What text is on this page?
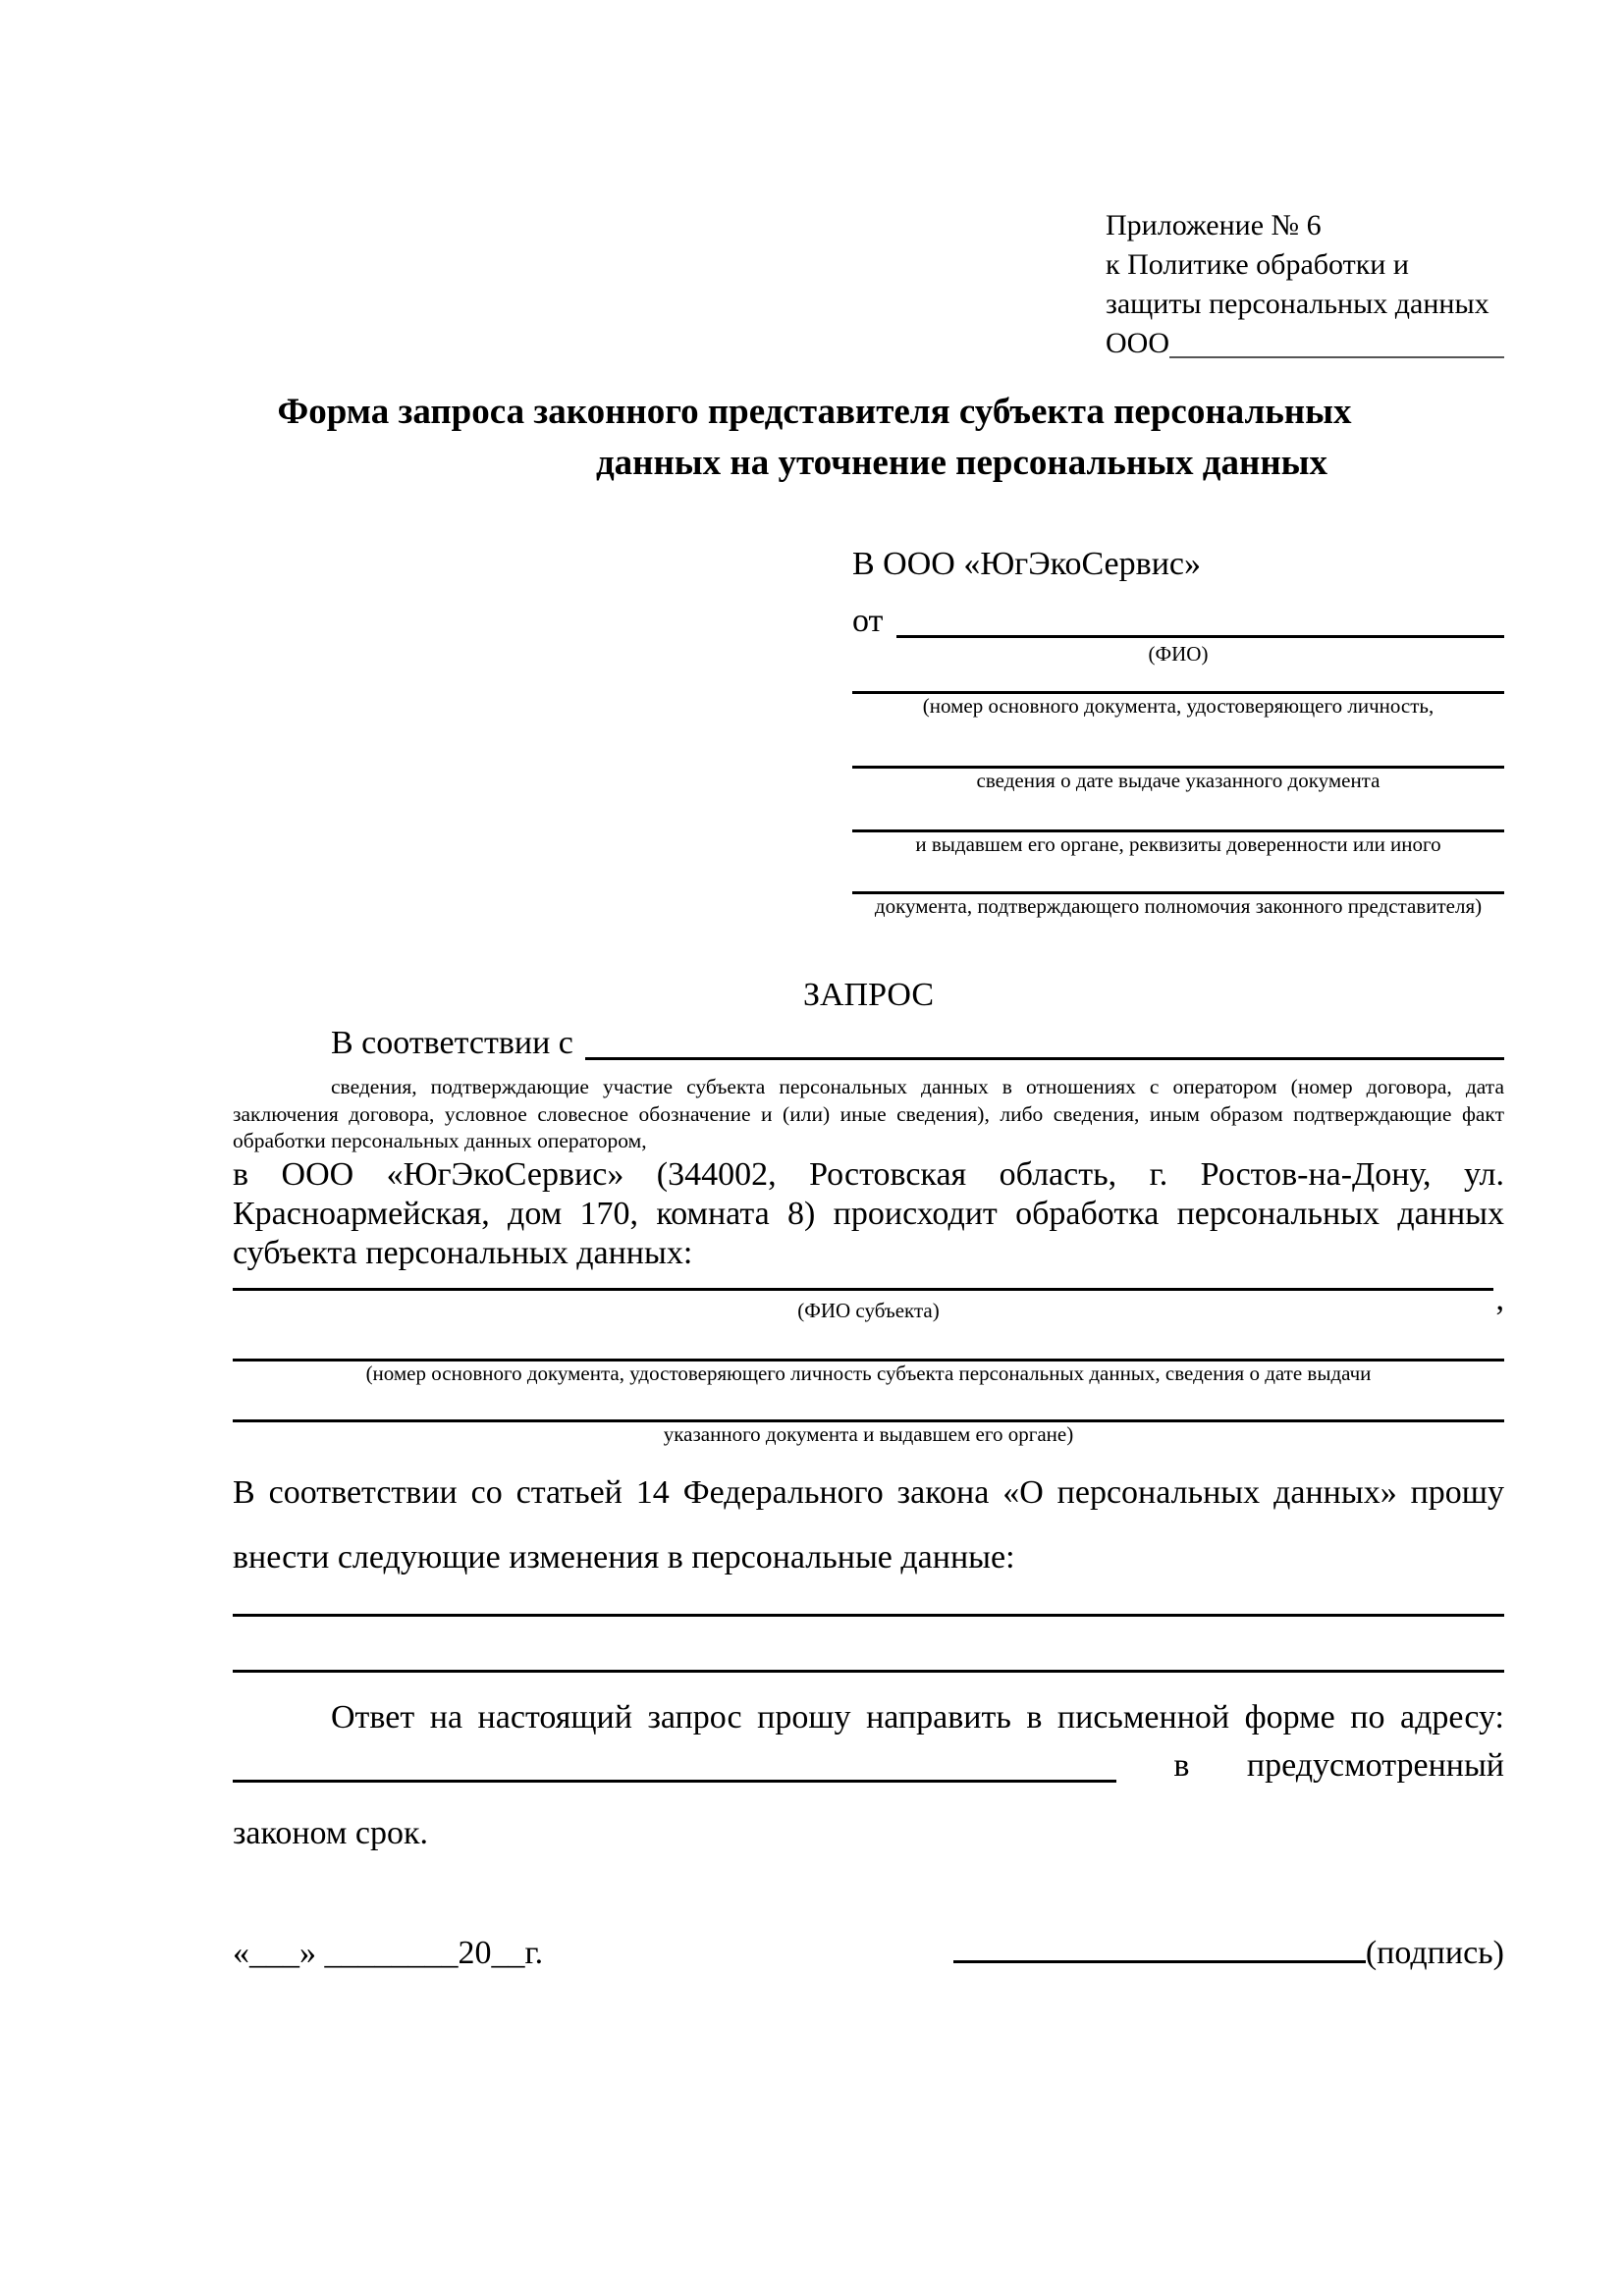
Приложение № 6
к Политике обработки и
защиты персональных данных
ООО
Форма запроса законного представителя субъекта персональных
данных на уточнение персональных данных
В ООО «ЮгЭкоСервис»
от
(ФИО)
(номер основного документа, удостоверяющего личность,
сведения о дате выдаче указанного документа
и выдавшем его органе, реквизиты доверенности или иного
документа, подтверждающего полномочия законного представителя)
ЗАПРОС
В соответствии с
сведения, подтверждающие участие субъекта персональных данных в отношениях с оператором (номер договора, дата
заключения договора, условное словесное обозначение и (или) иные сведения), либо сведения, иным образом подтверждающие факт
обработки персональных данных оператором,
в ООО «ЮгЭкоСервис» (344002, Ростовская область, г. Ростов-на-Дону, ул.
Красноармейская, дом 170, комната 8) происходит обработка персональных данных
субъекта персональных данных:
,
(ФИО субъекта)
(номер основного документа, удостоверяющего личность субъекта персональных данных, сведения о дате выдачи
указанного документа и выдавшем его органе)
В соответствии со статьей 14 Федерального закона «О персональных данных» прошу
внести следующие изменения в персональные данные:
Ответ на настоящий запрос прошу направить в письменной форме по адресу:
в предусмотренный
законом срок.
«___» ________20__г.	(подпись)
